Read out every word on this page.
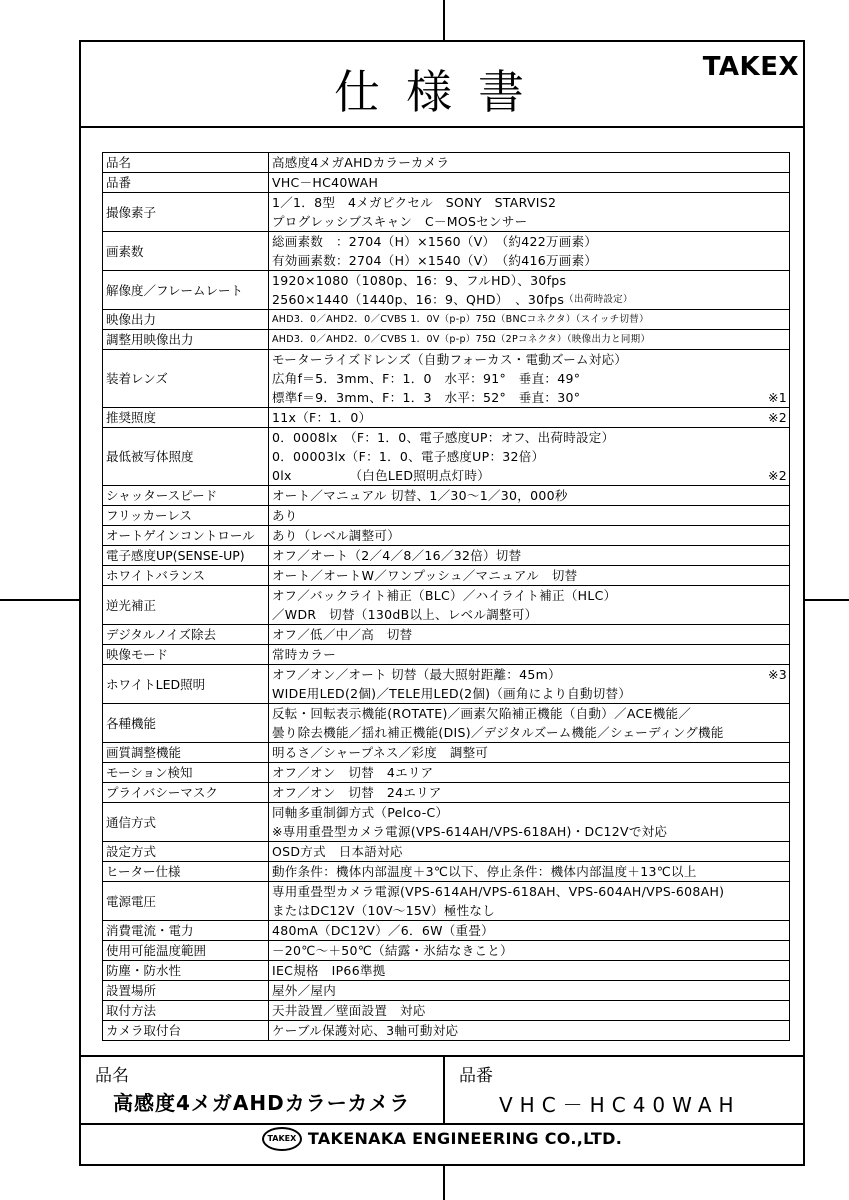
仕様書	TAKEX
品名	高感度4メガAHDカラーカメラ

品番	VHC－HC40WAH

撮像素子	1／1．8型　4メガピクセル　SONY　STARVIS2
プログレッシブスキャン　C－MOSセンサー

画素数	総画素数　：2704（H）×1560（V）　（約422万画素）
有効画素数：2704（H）×1540（V）　（約416万画素）

解像度／フレームレート	1920×1080（1080p、16：9、フルHD）、30fps
2560×1440（1440p、16：9、QHD）　、30fps （出荷時設定）

映像出力	AHD3．0／AHD2．0／CVBS 1．0V（p-p）75Ω（BNCコネクタ）（スイッチ切替）

調整用映像出力	AHD3．0／AHD2．0／CVBS 1．0V（p-p）75Ω（2Pコネクタ）（映像出力と同期）

装着レンズ	モーターライズドレンズ（自動フォーカス・電動ズーム対応）
広角f＝5．3mm、F：1．0　水平：91°　垂直：49°
標準f＝9．3mm、F：1．3　水平：52°　垂直：30° ※1

推奨照度	11x（F：1．0） ※2

最低被写体照度	0．0008lx　（F：1．0、電子感度UP：オフ、出荷時設定）
0．00003lx（F：1．0、電子感度UP：32倍）
0lx　　　　　（白色LED照明点灯時） ※2

シャッタースピード	オート／マニュアル 切替、1／30～1／30，000秒

フリッカーレス	あり

オートゲインコントロール	あり（レベル調整可）

電子感度UP(SENSE-UP)	オフ／オート（2／4／8／16／32倍）切替

ホワイトバランス	オート／オートW／ワンプッシュ／マニュアル　切替

逆光補正	オフ／バックライト補正（BLC）／ハイライト補正（HLC）
／WDR　切替（130dB以上、レベル調整可）

デジタルノイズ除去	オフ／低／中／高　切替

映像モード	常時カラー

ホワイトLED照明	オフ／オン／オート 切替（最大照射距離：45m） ※3
WIDE用LED(2個)／TELE用LED(2個)（画角により自動切替）

各種機能	反転・回転表示機能(ROTATE)／画素欠陥補正機能（自動）／ACE機能／
曇り除去機能／揺れ補正機能(DIS)／デジタルズーム機能／シェーディング機能

画質調整機能	明るさ／シャープネス／彩度　調整可

モーション検知	オフ／オン　切替　4エリア

プライバシーマスク	オフ／オン　切替　24エリア

通信方式	同軸多重制御方式（Pelco-C）
※専用重畳型カメラ電源(VPS-614AH/VPS-618AH)・DC12Vで対応

設定方式	OSD方式　日本語対応

ヒーター仕様	動作条件：機体内部温度＋3℃以下、停止条件：機体内部温度＋13℃以上

電源電圧	専用重畳型カメラ電源(VPS-614AH/VPS-618AH、VPS-604AH/VPS-608AH)
またはDC12V（10V～15V）極性なし

消費電流・電力	480mA（DC12V）／6．6W（重畳）

使用可能温度範囲	－20℃～＋50℃（結露・氷結なきこと）

防塵・防水性	IEC規格　IP66準拠

設置場所	屋外／屋内

取付方法	天井設置／壁面設置　対応

カメラ取付台	ケーブル保護対応、3軸可動対応
品名
高感度4メガAHDカラーカメラ
品番
VHC－HC40WAH
TAKEX TAKENAKA ENGINEERING CO.,LTD.
